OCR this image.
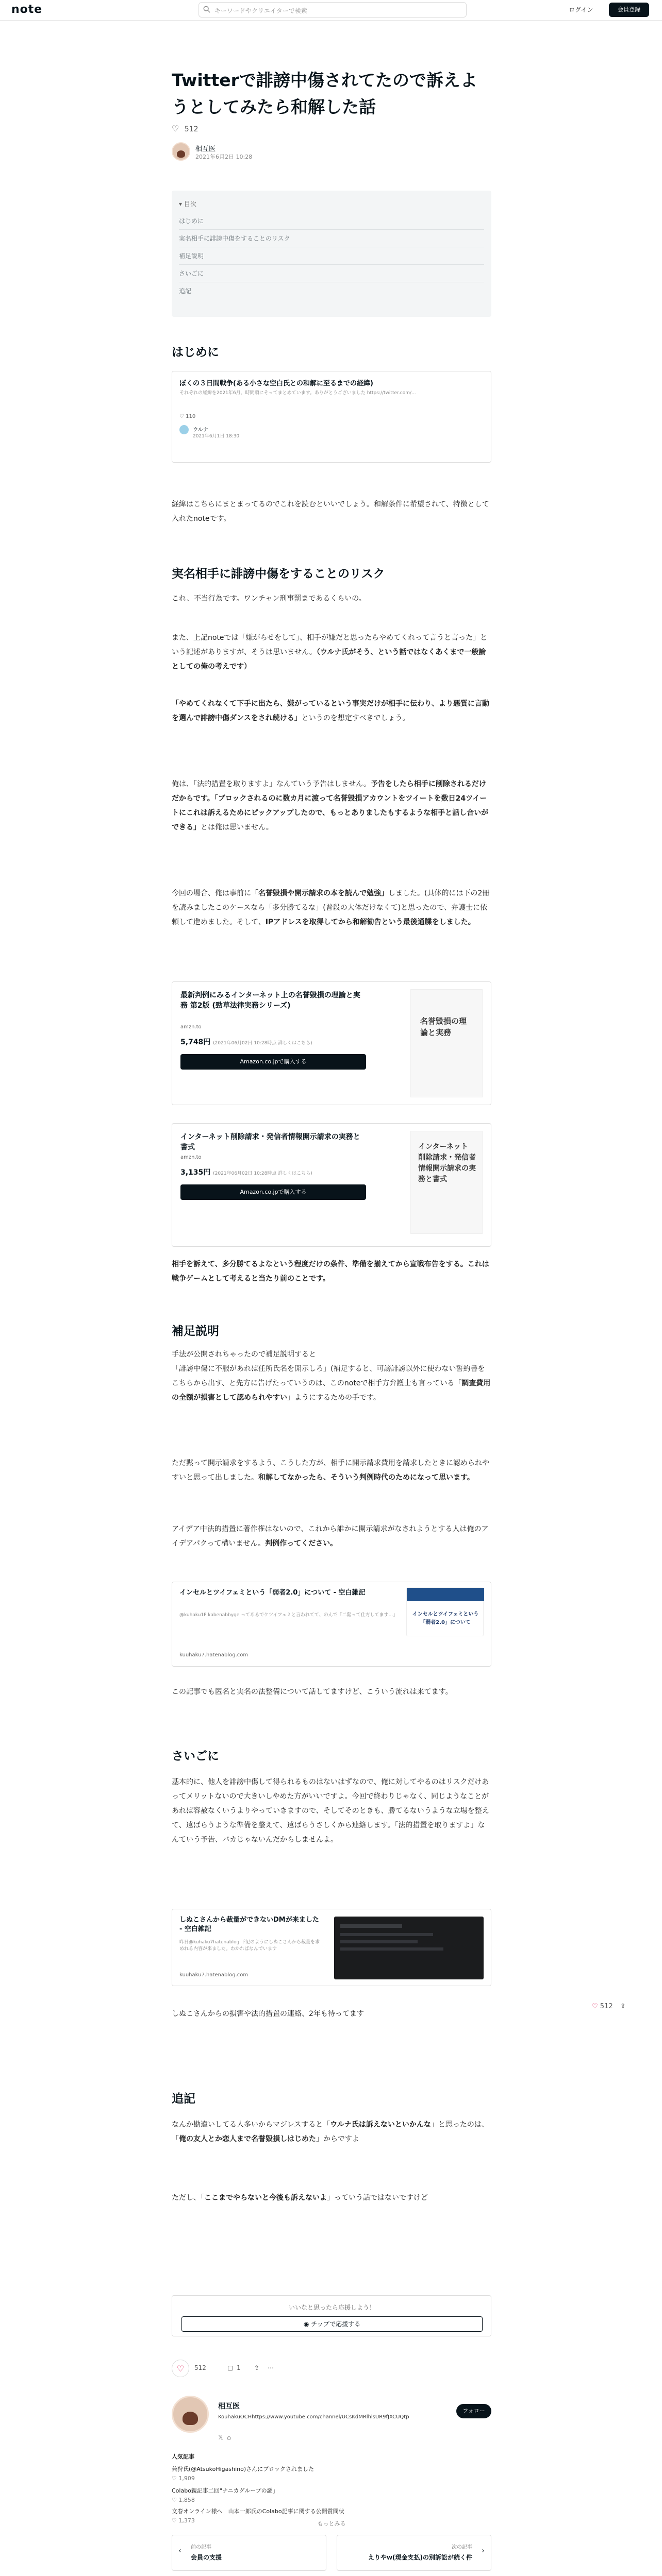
note	キーワードやクリエイターで検索	ログイン	会員登録
Twitterで誹謗中傷されてたので訴えようとしてみたら和解した話
♡ 512
相互医
2021年6月2日 10:28
▾ 目次
はじめに
実名相手に誹謗中傷をすることのリスク
補足説明
さいごに
追記
はじめに
ぼくの３日間戦争(ある小さな空白氏との和解に至るまでの経緯)
それぞれの経緯を2021年6月、時間順にそってまとめています。ありがとうございました https://twitter.com/...
ウルナ
2021年6月1日 18:30
♡ 110

経緯はこちらにまとまってるのでこれを読むといいでしょう。和解条件に希望されて、特徴として入れたnoteです。

実名相手に誹謗中傷をすることのリスク

これ、不当行為です。ワンチャン刑事罰まであるくらいの。

また、上記noteでは「嫌がらせをして」、相手が嫌だと思ったらやめてくれって言うと言った」という記述がありますが、そうは思いません。（ウルナ氏がそう、という話ではなくあくまで一般論としての俺の考えです）

「やめてくれなくて下手に出たら、嫌がっているという事実だけが相手に伝わり、より悪質に言動を選んで誹謗中傷ダンスをされ続ける」というのを想定すべきでしょう。

俺は、「法的措置を取りますよ」なんていう予告はしません。予告をしたら相手に削除されるだけだからです。「ブロックされるのに数カ月に渡って名誉毀損アカウントをツイートを数日24ツイートにこれは訴えるためにピックアップしたので、もっとありましたもするような相手と話し合いができる」とは俺は思いません。

今回の場合、俺は事前に「名誉毀損や開示請求の本を読んで勉強」しました。(具体的には下の2冊を読みましたこのケースなら「多分勝てるな」(普段の大体だけなくて)と思ったので、弁護士に依頼して進めました。そして、IPアドレスを取得してから和解勧告という最後通牒をしました。

最新判例にみるインターネット上の名誉毀損の理論と実務 第2版 (勁草法律実務シリーズ)
amzn.to
5,748円 (2021年06月02日 10:28時点 詳しくはこちら)
Amazon.co.jpで購入する
名誉毀損の理論と実務
インターネット削除請求・発信者情報開示請求の実務と書式
amzn.to
3,135円 (2021年06月02日 10:28時点 詳しくはこちら)
Amazon.co.jpで購入する
インターネット 削除請求・発信者情報開示請求の実務と書式

相手を訴えて、多分勝てるよなという程度だけの条件、準備を揃えてから宣戦布告をする。これは戦争ゲームとして考えると当たり前のことです。

補足説明

手法が公開されちゃったので補足説明すると
「誹謗中傷に不服があれば任所氏名を開示しろ」(補足すると、可謗誹謗以外に使わない誓約書をこちらから出す、と先方に告げたっていうのは、このnoteで相手方弁護士も言っている「調査費用の全額が損害として認められやすい」ようにするための手です。

ただ黙って開示請求をするよう、こうした方が、相手に開示請求費用を請求したときに認められやすいと思って出しました。和解してなかったら、そういう判例時代のためになって思います。

アイデア中法的措置に著作権はないので、これから誰かに開示請求がなされようとする人は俺のアイデアパクって構いません。判例作ってください。

インセルとツイフェミという「弱者2.0」について - 空白雑記
@kuhaku1F kabenabbyge ってあるでケツイフェミと言われてて、のんで『二階って仕方してます...』
kuuhaku7.hatenablog.com
インセルとツイフェミという
「弱者2.0」について

この記事でも匿名と実名の法整備について話してますけど、こういう流れは来てます。

さいごに

基本的に、他人を誹謗中傷して得られるものはないはずなので、俺に対してやるのはリスクだけあってメリットないので大きいしやめた方がいいですよ。今回で終わりじゃなく、同じようなことがあれば容赦なくいうよりやっていきますので、そしてそのときも、勝てるないうような立場を整えて、遠ばらうような準備を整えて、遠ばらうさしくから連絡します。「法的措置を取りますよ」なんていう予告、バカじゃないんだからしませんよ。

しぬこさんから裁量ができないDMが来ました - 空白雑記
昨日@kuhaku7hatenablog 下記のようにしぬこさんから裁量を求めれる内容が来ました。わかればなんでいます
kuuhaku7.hatenablog.com

しぬこさんからの損害や法的措置の連絡、2年も待ってます

♡ 512 ⇪
追記

なんか勘違いしてる人多いからマジレスすると「ウルナ氏は訴えないといかんな」と思ったのは、「俺の友人とか恋人まで名誉毀損しはじめた」からですよ

ただし、「ここまでやらないと今後も訴えないよ」っていう話ではないですけど

いいなと思ったら応援しよう！
◉ チップで応援する
♡	512	▢ 1 ⇪ ⋯
相互医
KouhakuOCHhttps://www.youtube.com/channel/UCsKdMRlhlsUR9fJXCUQtp
𝕏  ⌂
フォロー
人気記事
兼狩氏(@AtsukoHigashino)さんにブロックされました
♡ 1,909
Colabo親記事二回"ナニカグループの謎」
♡ 1,858
文春オンライン様へ　山本一郎氏のColabo記事に関する公開質問状
♡ 1,373	もっとみる
‹ 前の記事
会員の支援
次の記事
えりやw(現金支払)の別訴訟が続く件
›
